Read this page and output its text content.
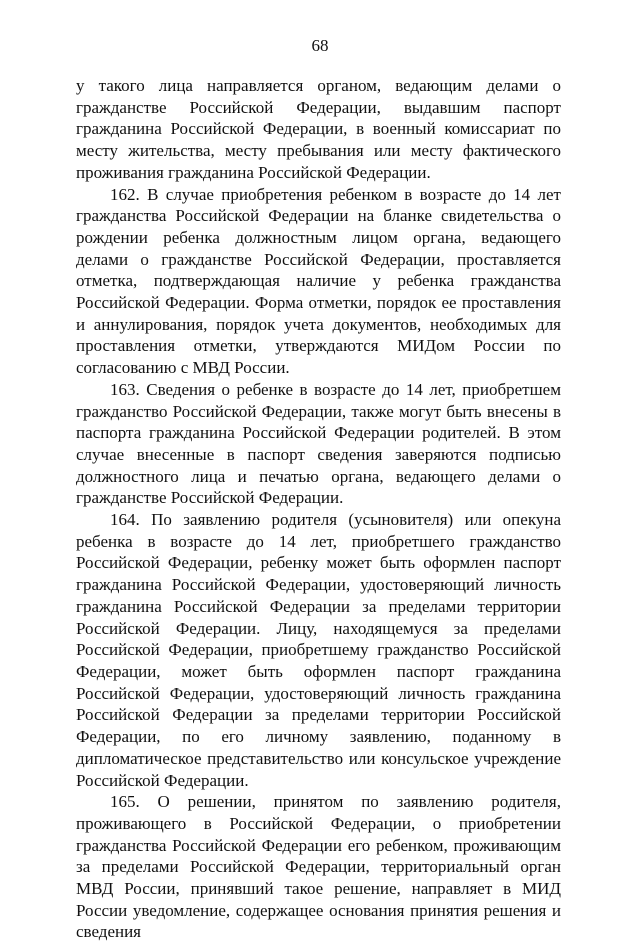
68

у такого лица направляется органом, ведающим делами о гражданстве Российской Федерации, выдавшим паспорт гражданина Российской Федерации, в военный комиссариат по месту жительства, месту пребывания или месту фактического проживания гражданина Российской Федерации.

162. В случае приобретения ребенком в возрасте до 14 лет гражданства Российской Федерации на бланке свидетельства о рождении ребенка должностным лицом органа, ведающего делами о гражданстве Российской Федерации, проставляется отметка, подтверждающая наличие у ребенка гражданства Российской Федерации. Форма отметки, порядок ее проставления и аннулирования, порядок учета документов, необходимых для проставления отметки, утверждаются МИДом России по согласованию с МВД России.

163. Сведения о ребенке в возрасте до 14 лет, приобретшем гражданство Российской Федерации, также могут быть внесены в паспорта гражданина Российской Федерации родителей. В этом случае внесенные в паспорт сведения заверяются подписью должностного лица и печатью органа, ведающего делами о гражданстве Российской Федерации.

164. По заявлению родителя (усыновителя) или опекуна ребенка в возрасте до 14 лет, приобретшего гражданство Российской Федерации, ребенку может быть оформлен паспорт гражданина Российской Федерации, удостоверяющий личность гражданина Российской Федерации за пределами территории Российской Федерации. Лицу, находящемуся за пределами Российской Федерации, приобретшему гражданство Российской Федерации, может быть оформлен паспорт гражданина Российской Федерации, удостоверяющий личность гражданина Российской Федерации за пределами территории Российской Федерации, по его личному заявлению, поданному в дипломатическое представительство или консульское учреждение Российской Федерации.

165. О решении, принятом по заявлению родителя, проживающего в Российской Федерации, о приобретении гражданства Российской Федерации его ребенком, проживающим за пределами Российской Федерации, территориальный орган МВД России, принявший такое решение, направляет в МИД России уведомление, содержащее основания принятия решения и сведения
